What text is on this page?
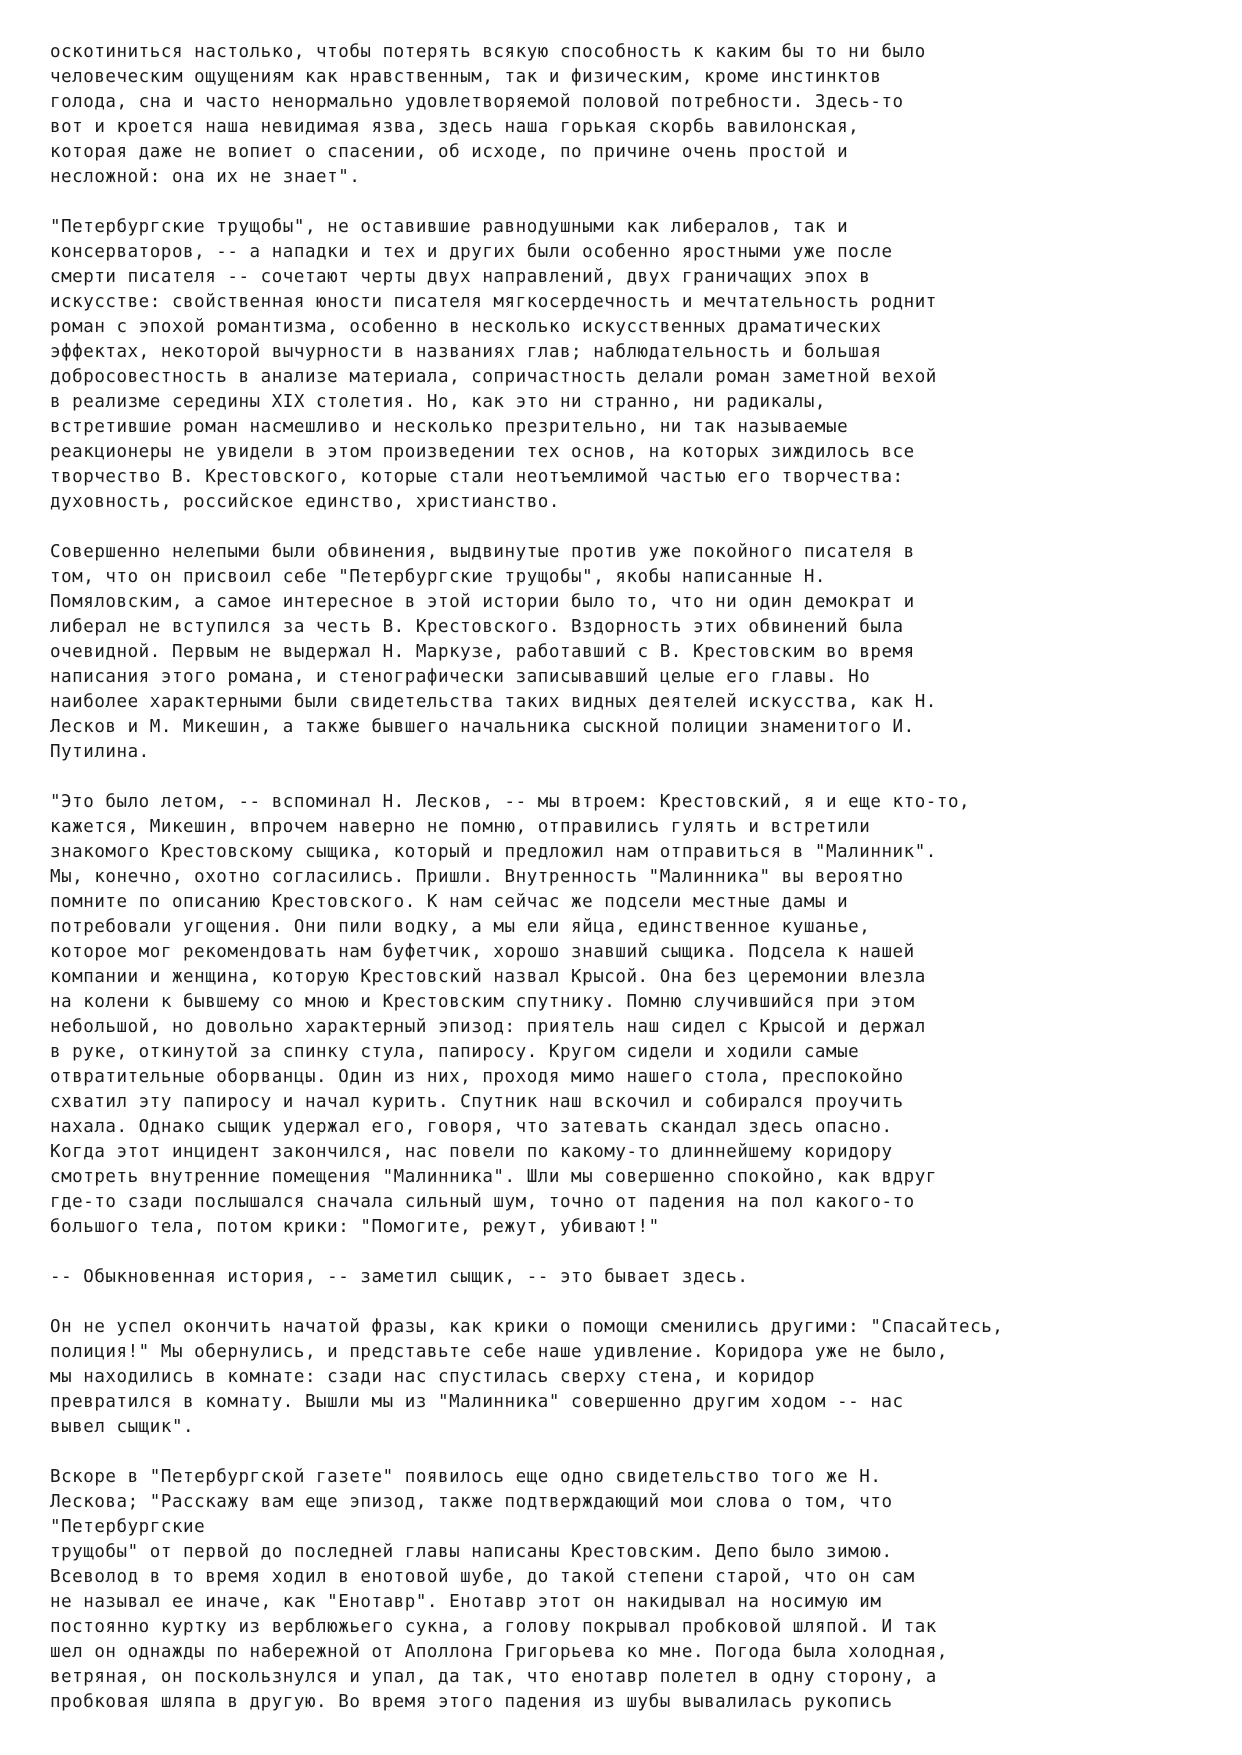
оскотиниться настолько, чтобы потерять всякую способность к каким бы то ни было
человеческим ощущениям как нравственным, так и физическим, кроме инстинктов
голода, сна и часто ненормально удовлетворяемой половой потребности. Здесь-то
вот и кроется наша невидимая язва, здесь наша горькая скорбь вавилонская,
которая даже не вопиет о спасении, об исходе, по причине очень простой и
несложной: она их не знает".
"Петербургские трущобы", не оставившие равнодушными как либералов, так и
консерваторов, -- а нападки и тех и других были особенно яростными уже после
смерти писателя -- сочетают черты двух направлений, двух граничащих эпох в
искусстве: свойственная юности писателя мягкосердечность и мечтательность роднит
роман с эпохой романтизма, особенно в несколько искусственных драматических
эффектах, некоторой вычурности в названиях глав; наблюдательность и большая
добросовестность в анализе материала, сопричастность делали роман заметной вехой
в реализме середины XIX столетия. Но, как это ни странно, ни радикалы,
встретившие роман насмешливо и несколько презрительно, ни так называемые
реакционеры не увидели в этом произведении тех основ, на которых зиждилось все
творчество В. Крестовского, которые стали неотъемлимой частью его творчества:
духовность, российское единство, христианство.
Совершенно нелепыми были обвинения, выдвинутые против уже покойного писателя в
том, что он присвоил себе "Петербургские трущобы", якобы написанные Н.
Помяловским, а самое интересное в этой истории было то, что ни один демократ и
либерал не вступился за честь В. Крестовского. Вздорность этих обвинений была
очевидной. Первым не выдержал Н. Маркузе, работавший с В. Крестовским во время
написания этого романа, и стенографически записывавший целые его главы. Но
наиболее характерными были свидетельства таких видных деятелей искусства, как Н.
Лесков и М. Микешин, а также бывшего начальника сыскной полиции знаменитого И.
Путилина.
"Это было летом, -- вспоминал Н. Лесков, -- мы втроем: Крестовский, я и еще кто-то,
кажется, Микешин, впрочем наверно не помню, отправились гулять и встретили
знакомого Крестовскому сыщика, который и предложил нам отправиться в "Малинник".
Мы, конечно, охотно согласились. Пришли. Внутренность "Малинника" вы вероятно
помните по описанию Крестовского. К нам сейчас же подсели местные дамы и
потребовали угощения. Они пили водку, а мы ели яйца, единственное кушанье,
которое мог рекомендовать нам буфетчик, хорошо знавший сыщика. Подсела к нашей
компании и женщина, которую Крестовский назвал Крысой. Она без церемонии влезла
на колени к бывшему со мною и Крестовским спутнику. Помню случившийся при этом
небольшой, но довольно характерный эпизод: приятель наш сидел с Крысой и держал
в руке, откинутой за спинку стула, папиросу. Кругом сидели и ходили самые
отвратительные оборванцы. Один из них, проходя мимо нашего стола, преспокойно
схватил эту папиросу и начал курить. Спутник наш вскочил и собирался проучить
нахала. Однако сыщик удержал его, говоря, что затевать скандал здесь опасно.
Когда этот инцидент закончился, нас повели по какому-то длиннейшему коридору
смотреть внутренние помещения "Малинника". Шли мы совершенно спокойно, как вдруг
где-то сзади послышался сначала сильный шум, точно от падения на пол какого-то
большого тела, потом крики: "Помогите, режут, убивают!"
-- Обыкновенная история, -- заметил сыщик, -- это бывает здесь.
Он не успел окончить начатой фразы, как крики о помощи сменились другими: "Спасайтесь,
полиция!" Мы обернулись, и представьте себе наше удивление. Коридора уже не было,
мы находились в комнате: сзади нас спустилась сверху стена, и коридор
превратился в комнату. Вышли мы из "Малинника" совершенно другим ходом -- нас
вывел сыщик".
Вскоре в "Петербургской газете" появилось еще одно свидетельство того же Н.
Лескова; "Расскажу вам еще эпизод, также подтверждающий мои слова о том, что
"Петербургские
трущобы" от первой до последней главы написаны Крестовским. Депо было зимою.
Всеволод в то время ходил в енотовой шубе, до такой степени старой, что он сам
не называл ее иначе, как "Енотавр". Енотавр этот он накидывал на носимую им
постоянно куртку из верблюжьего сукна, а голову покрывал пробковой шляпой. И так
шел он однажды по набережной от Аполлона Григорьева ко мне. Погода была холодная,
ветряная, он поскользнулся и упал, да так, что енотавр полетел в одну сторону, а
пробковая шляпа в другую. Во время этого падения из шубы вывалилась рукопись
